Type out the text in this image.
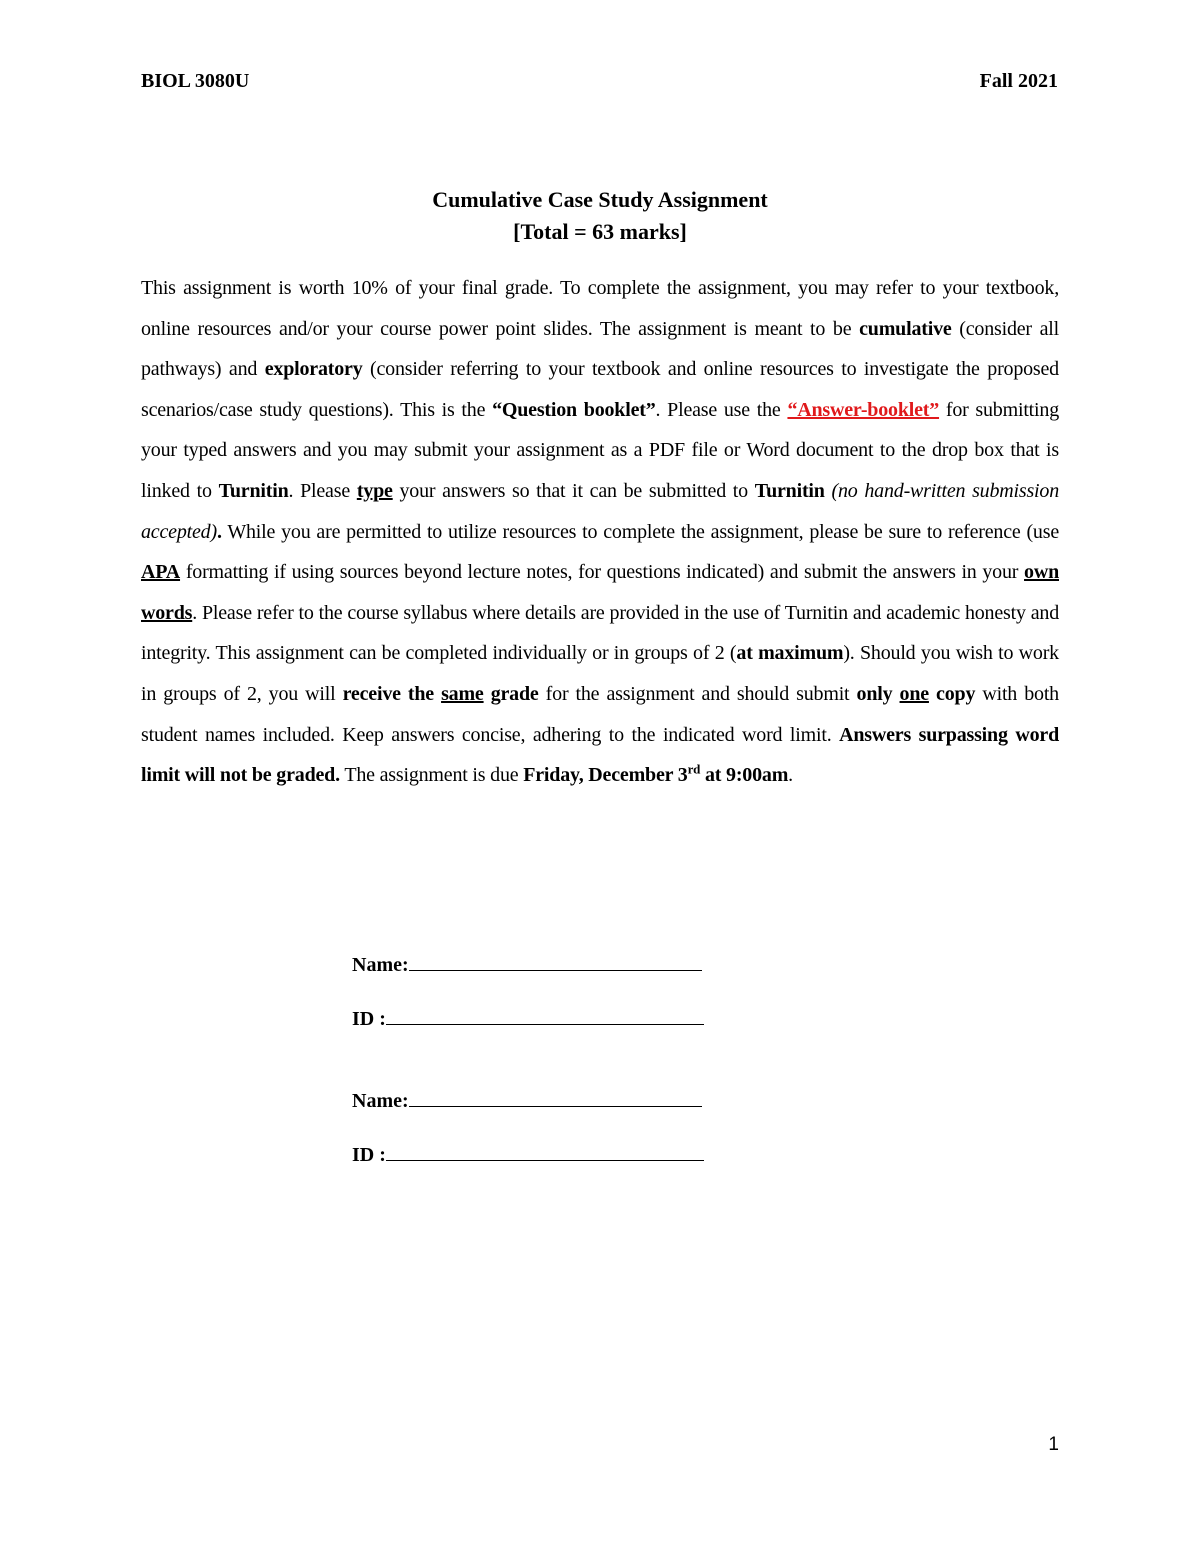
BIOL 3080U	Fall 2021
Cumulative Case Study Assignment
[Total = 63 marks]
This assignment is worth 10% of your final grade. To complete the assignment, you may refer to your textbook, online resources and/or your course power point slides. The assignment is meant to be cumulative (consider all pathways) and exploratory (consider referring to your textbook and online resources to investigate the proposed scenarios/case study questions). This is the “Question booklet”. Please use the “Answer-booklet” for submitting your typed answers and you may submit your assignment as a PDF file or Word document to the drop box that is linked to Turnitin. Please type your answers so that it can be submitted to Turnitin (no hand-written submission accepted). While you are permitted to utilize resources to complete the assignment, please be sure to reference (use APA formatting if using sources beyond lecture notes, for questions indicated) and submit the answers in your own words. Please refer to the course syllabus where details are provided in the use of Turnitin and academic honesty and integrity. This assignment can be completed individually or in groups of 2 (at maximum). Should you wish to work in groups of 2, you will receive the same grade for the assignment and should submit only one copy with both student names included. Keep answers concise, adhering to the indicated word limit. Answers surpassing word limit will not be graded. The assignment is due Friday, December 3rd at 9:00am.
Name:
ID :
Name:
ID :
1
